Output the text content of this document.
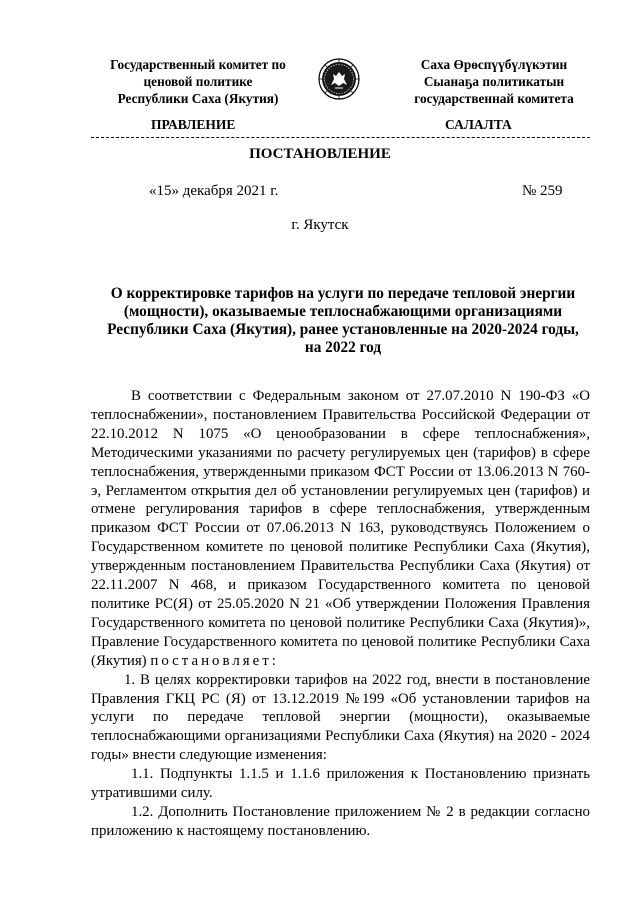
Государственный комитет по
ценовой политике
Республики Саха (Якутия)
Саха Өрөспүүбүлүкэтин
Сыанаҕа политикатын
государственнай комитета
ПРАВЛЕНИЕ	САЛАЛТА
ПОСТАНОВЛЕНИЕ
«15» декабря 2021 г.	№ 259
г. Якутск
О корректировке тарифов на услуги по передаче тепловой энергии (мощности), оказываемые теплоснабжающими организациями Республики Саха (Якутия), ранее установленные на 2020-2024 годы, на 2022 год

В соответствии с Федеральным законом от 27.07.2010 N 190-ФЗ «О теплоснабжении», постановлением Правительства Российской Федерации от 22.10.2012 N 1075 «О ценообразовании в сфере теплоснабжения», Методическими указаниями по расчету регулируемых цен (тарифов) в сфере теплоснабжения, утвержденными приказом ФСТ России от 13.06.2013 N 760-э, Регламентом открытия дел об установлении регулируемых цен (тарифов) и отмене регулирования тарифов в сфере теплоснабжения, утвержденным приказом ФСТ России от 07.06.2013 N 163, руководствуясь Положением о Государственном комитете по ценовой политике Республики Саха (Якутия), утвержденным постановлением Правительства Республики Саха (Якутия) от 22.11.2007 N 468, и приказом Государственного комитета по ценовой политике РС(Я) от 25.05.2020 N 21 «Об утверждении Положения Правления Государственного комитета по ценовой политике Республики Саха (Якутия)», Правление Государственного комитета по ценовой политике Республики Саха (Якутия) постановляет:

1. В целях корректировки тарифов на 2022 год, внести в постановление Правления ГКЦ РС (Я) от 13.12.2019 №199 «Об установлении тарифов на услуги по передаче тепловой энергии (мощности), оказываемые теплоснабжающими организациями Республики Саха (Якутия) на 2020 - 2024 годы» внести следующие изменения:

1.1. Подпункты 1.1.5 и 1.1.6 приложения к Постановлению признать утратившими силу.

1.2. Дополнить Постановление приложением № 2 в редакции согласно приложению к настоящему постановлению.
